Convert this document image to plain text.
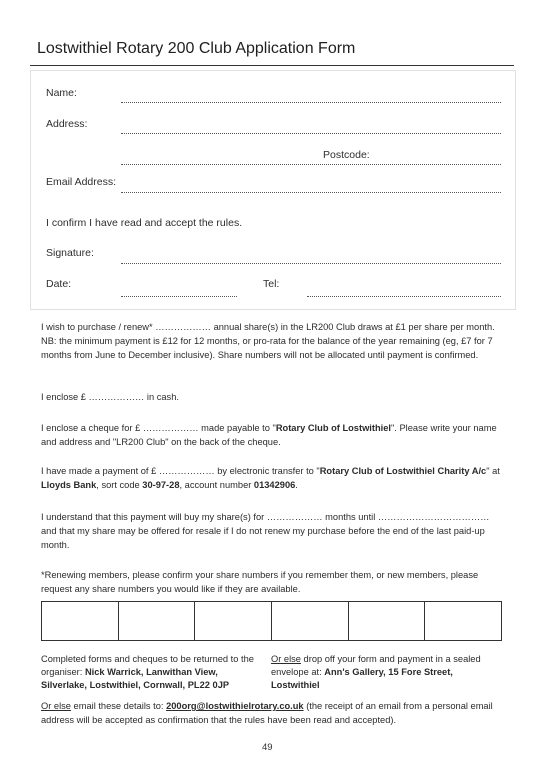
Lostwithiel Rotary 200 Club Application Form
Name:
Address:
Postcode:
Email Address:
I confirm I have read and accept the rules.
Signature:
Date:	Tel:
I wish to purchase / renew* ……………… annual share(s) in the LR200 Club draws at £1 per share per month.
NB: the minimum payment is £12 for 12 months, or pro-rata for the balance of the year remaining (eg, £7 for 7 months from June to December inclusive). Share numbers will not be allocated until payment is confirmed.
I enclose £ ……………… in cash.
I enclose a cheque for £ ……………… made payable to "Rotary Club of Lostwithiel". Please write your name and address and "LR200 Club" on the back of the cheque.
I have made a payment of £ ……………… by electronic transfer to "Rotary Club of Lostwithiel Charity A/c" at Lloyds Bank, sort code 30-97-28, account number 01342906.
I understand that this payment will buy my share(s) for ……………… months until ……………………………… and that my share may be offered for resale if I do not renew my purchase before the end of the last paid-up month.
*Renewing members, please confirm your share numbers if you remember them, or new members, please request any share numbers you would like if they are available.
Completed forms and cheques to be returned to the organiser: Nick Warrick, Lanwithan View, Silverlake, Lostwithiel, Cornwall, PL22 0JP
Or else drop off your form and payment in a sealed envelope at: Ann's Gallery, 15 Fore Street, Lostwithiel
Or else email these details to: 200org@lostwithielrotary.co.uk (the receipt of an email from a personal email address will be accepted as confirmation that the rules have been read and accepted).
49
